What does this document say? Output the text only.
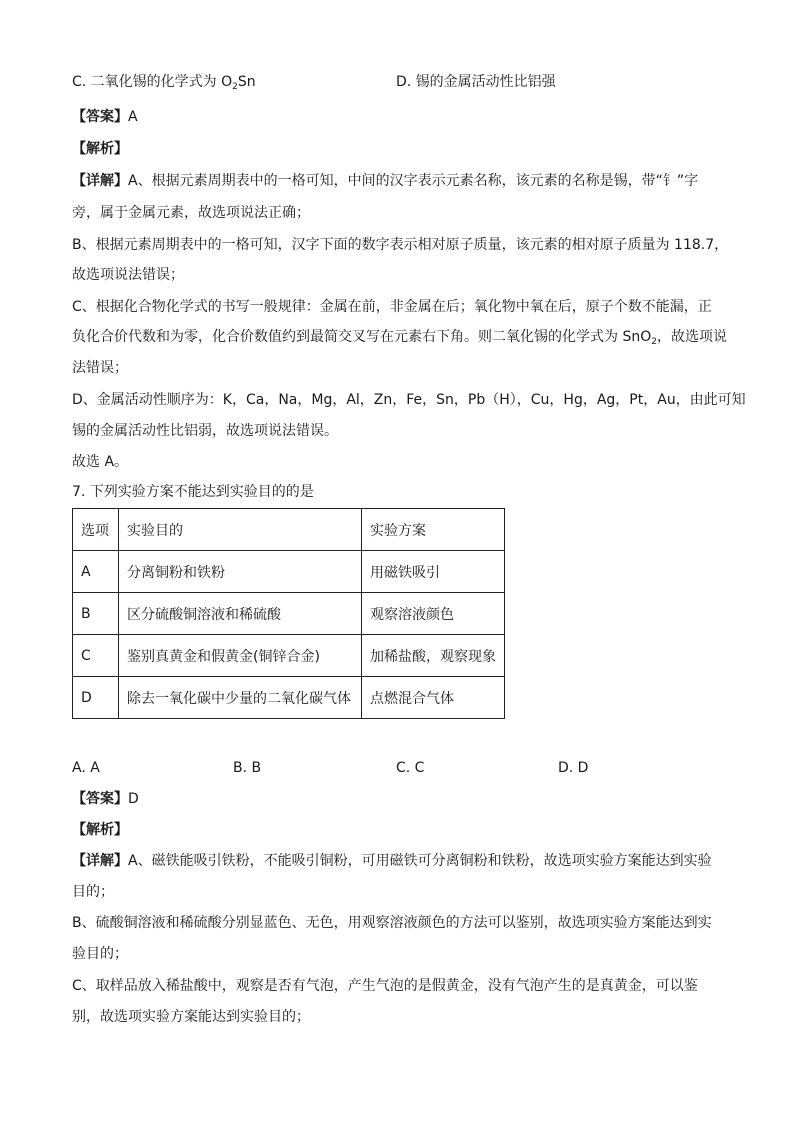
C. 二氧化锡的化学式为 $O_2Sn$	D. 锡的金属活动性比铝强
【答案】A
【解析】
【详解】A、根据元素周期表中的一格可知，中间的汉字表示元素名称，该元素的名称是锡，带“钅”字
旁，属于金属元素，故选项说法正确；
B、根据元素周期表中的一格可知，汉字下面的数字表示相对原子质量，该元素的相对原子质量为 118.7，
故选项说法错误；
C、根据化合物化学式的书写一般规律：金属在前，非金属在后；氧化物中氧在后，原子个数不能漏，正
负化合价代数和为零，化合价数值约到最简交叉写在元素右下角。则二氧化锡的化学式为 SnO$_2$，故选项说
法错误；
D、金属活动性顺序为：K，Ca，Na，Mg，Al，Zn，Fe，Sn，Pb（H），Cu，Hg，Ag，Pt，Au，由此可知
锡的金属活动性比铝弱，故选项说法错误。
故选 A。
7. 下列实验方案不能达到实验目的的是
选项	实验目的	实验方案
A	分离铜粉和铁粉	用磁铁吸引
B	区分硫酸铜溶液和稀硫酸	观察溶液颜色
C	鉴别真黄金和假黄金(铜锌合金)	加稀盐酸，观察现象
D	除去一氧化碳中少量的二氧化碳气体	点燃混合气体
A. A	B. B	C. C	D. D
【答案】D
【解析】
【详解】A、磁铁能吸引铁粉，不能吸引铜粉，可用磁铁可分离铜粉和铁粉，故选项实验方案能达到实验
目的；
B、硫酸铜溶液和稀硫酸分别显蓝色、无色，用观察溶液颜色的方法可以鉴别，故选项实验方案能达到实
验目的；
C、取样品放入稀盐酸中，观察是否有气泡，产生气泡的是假黄金，没有气泡产生的是真黄金，可以鉴
别，故选项实验方案能达到实验目的；
